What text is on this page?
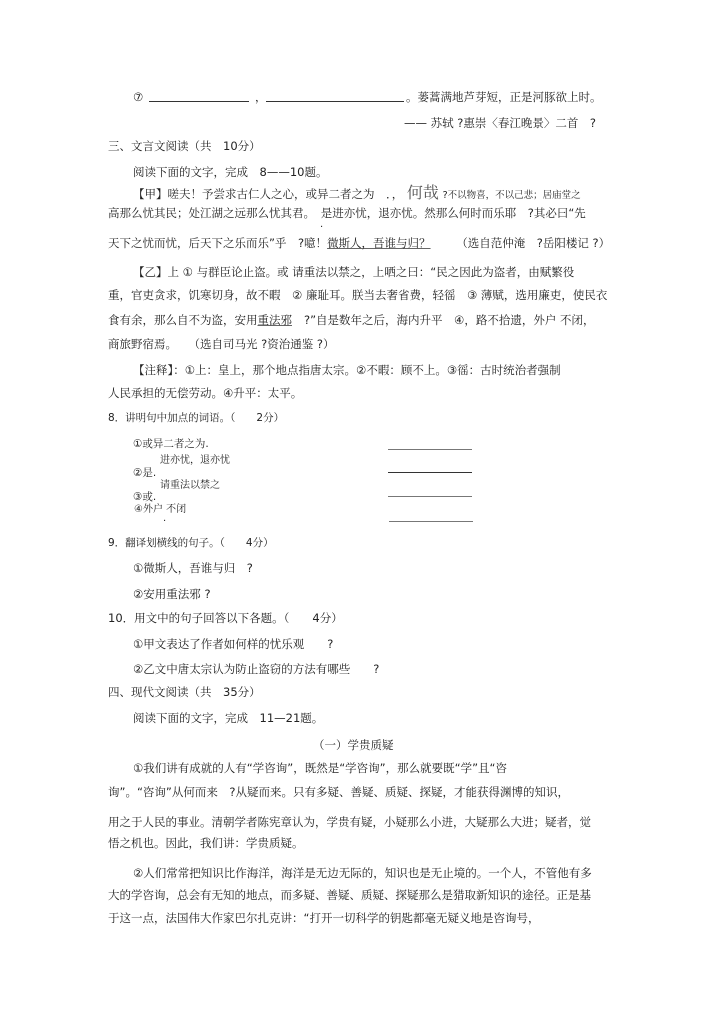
⑦	，	。蒌蒿满地芦芽短，正是河豚欲上时。
—— 苏轼 ?惠崇〈春江晚景〉二首　?
三、文言文阅读（共　10分）
阅读下面的文字，完成　8——10题。
【甲】嗟夫！予尝求古仁人之心，或异二者之为　．， 何哉 ?不以物喜，不以己悲；居庙堂之
高那么忧其民；处江湖之远那么忧其君。　是进亦忧，退亦忧。然那么何时而乐耶　?其必曰“先
·
天下之忧而忧，后天下之乐而乐”乎　?噫！微斯人，吾谁与归？ （选自范仲淹　?岳阳楼记 ?）
【乙】上 ① 与群臣论止盗。或 请重法以禁之，上哂之曰：“民之因此为盗者，由赋繁役
重，官吏贪求，饥寒切身，故不暇　② 廉耻耳。朕当去奢省费，轻徭　③ 薄赋，选用廉吏，使民衣
食有余，那么自不为盗，安用重法邪 ?”自是数年之后，海内升平　④，路不拾遗，外户 不闭，
商旅野宿焉。　　（选自司马光 ?资治通鉴 ?）
【注释】：①上：皇上，那个地点指唐太宗。②不暇：顾不上。③徭：古时统治者强制
人民承担的无偿劳动。④升平：太平。
8．讲明句中加点的词语。（　　2分）
①或异二者之为.
进亦忧，退亦忧
②是.
请重法以禁之
③或.
④外户 不闭
·
9．翻译划横线的句子。（　　4分）
①微斯人，吾谁与归　?
②安用重法邪 ?
10．用文中的句子回答以下各题。（　　4分）
①甲文表达了作者如何样的忧乐观　　?
②乙文中唐太宗认为防止盗窃的方法有哪些　　?
四、现代文阅读（共　35分）
阅读下面的文字，完成　11—21题。
（一）学贵质疑
①我们讲有成就的人有“学咨询”，既然是“学咨询”，那么就要既“学”且“咨
询”。“咨询”从何而来　?从疑而来。只有多疑、善疑、质疑、探疑，才能获得渊博的知识，
用之于人民的事业。清朝学者陈宪章认为，学贵有疑，小疑那么小进，大疑那么大进；疑者，觉
悟之机也。因此，我们讲：学贵质疑。
②人们常常把知识比作海洋，海洋是无边无际的，知识也是无止境的。一个人，不管他有多
大的学咨询，总会有无知的地点，而多疑、善疑、质疑、探疑那么是猎取新知识的途径。正是基
于这一点，法国伟大作家巴尔扎克讲：“打开一切科学的钥匙都毫无疑义地是咨询号，
